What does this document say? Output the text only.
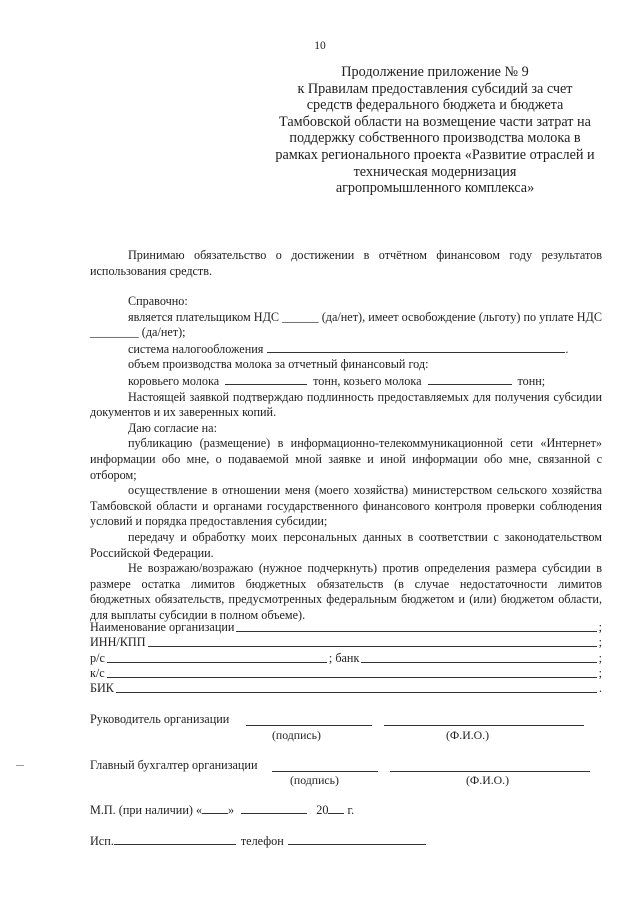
10
Продолжение приложение № 9
к Правилам предоставления субсидий за счет
средств федерального бюджета и бюджета
Тамбовской области на возмещение части затрат на
поддержку собственного производства молока в
рамках регионального проекта «Развитие отраслей и
техническая модернизация
агропромышленного комплекса»

Принимаю обязательство о достижении в отчётном финансовом году результатов использования средств.

Справочно:

является плательщиком НДС ______ (да/нет), имеет освобождение (льготу) по уплате НДС ________ (да/нет);

система налогообложения	.

объем производства молока за отчетный финансовый год:

коровьего молока	тонн, козьего молока	тонн;

Настоящей заявкой подтверждаю подлинность предоставляемых для получения субсидии документов и их заверенных копий.

Даю согласие на:

публикацию (размещение) в информационно-телекоммуникационной сети «Интернет» информации обо мне, о подаваемой мной заявке и иной информации обо мне, связанной с отбором;

осуществление в отношении меня (моего хозяйства) министерством сельского хозяйства Тамбовской области и органами государственного финансового контроля проверки соблюдения условий и порядка предоставления субсидии;

передачу и обработку моих персональных данных в соответствии с законодательством Российской Федерации.

Не возражаю/возражаю (нужное подчеркнуть) против определения размера субсидии в размере остатка лимитов бюджетных обязательств (в случае недостаточности лимитов бюджетных обязательств, предусмотренных федеральным бюджетом и (или) бюджетом области, для выплаты субсидии в полном объеме).

Наименование организации	;
ИНН/КПП	;
р/с	; банк	;
к/с	;
БИК	.
Руководитель организации
(подпись)	(Ф.И.О.)
Главный бухгалтер организации
(подпись)	(Ф.И.О.)
М.П. (при наличии) « »	20 г.
Исп.	телефон
